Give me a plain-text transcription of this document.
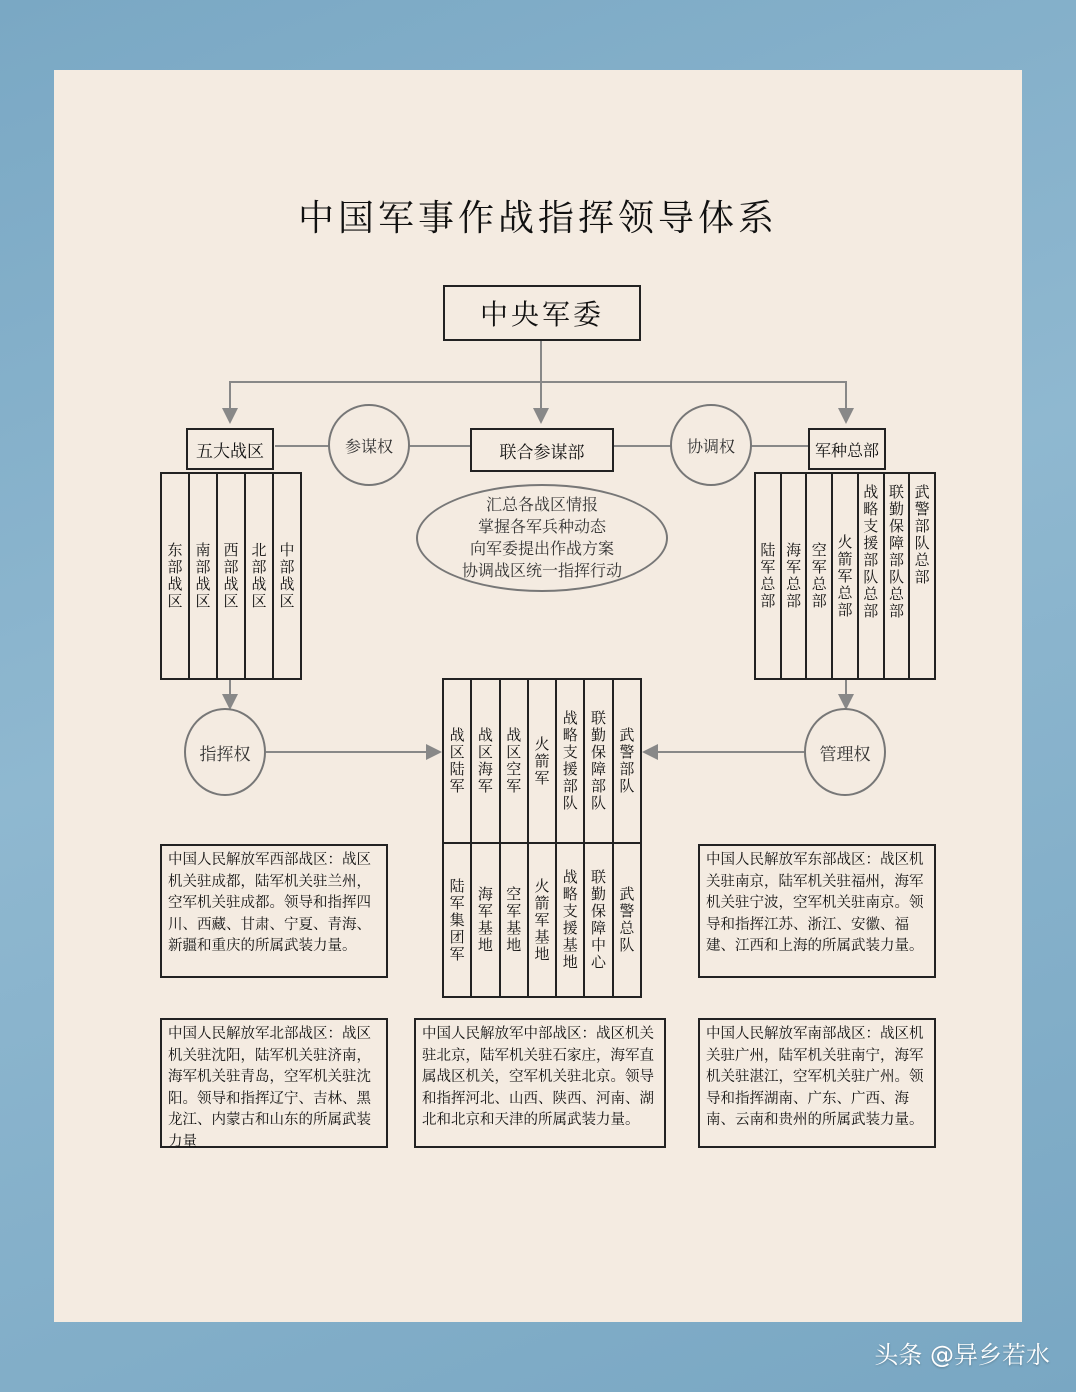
中国军事作战指挥领导体系
中央军委
五大战区	联合参谋部	军种总部
参谋权	协调权
指挥权	管理权
汇总各战区情报
掌握各军兵种动态
向军委提出作战方案
协调战区统一指挥行动
东部战区 南部战区 西部战区 北部战区 中部战区	陆军总部 海军总部 空军总部 火箭军总部 战略支援部队总部 联勤保障部队总部 武警部队总部
战区陆军 战区海军 战区空军 火箭军 战略支援部队 联勤保障部队 武警部队
陆军集团军 海军基地 空军基地 火箭军基地 战略支援基地 联勤保障中心 武警总队
中国人民解放军西部战区：战区机关驻成都，陆军机关驻兰州，空军机关驻成都。领导和指挥四川、西藏、甘肃、宁夏、青海、新疆和重庆的所属武装力量。
中国人民解放军东部战区：战区机关驻南京，陆军机关驻福州，海军机关驻宁波，空军机关驻南京。领导和指挥江苏、浙江、安徽、福建、江西和上海的所属武装力量。
中国人民解放军北部战区：战区机关驻沈阳，陆军机关驻济南，海军机关驻青岛，空军机关驻沈阳。领导和指挥辽宁、吉林、黑龙江、内蒙古和山东的所属武装力量
中国人民解放军中部战区：战区机关驻北京，陆军机关驻石家庄，海军直属战区机关，空军机关驻北京。领导和指挥河北、山西、陕西、河南、湖北和北京和天津的所属武装力量。
中国人民解放军南部战区：战区机关驻广州，陆军机关驻南宁，海军机关驻湛江，空军机关驻广州。领导和指挥湖南、广东、广西、海南、云南和贵州的所属武装力量。
头条 @异乡若水
